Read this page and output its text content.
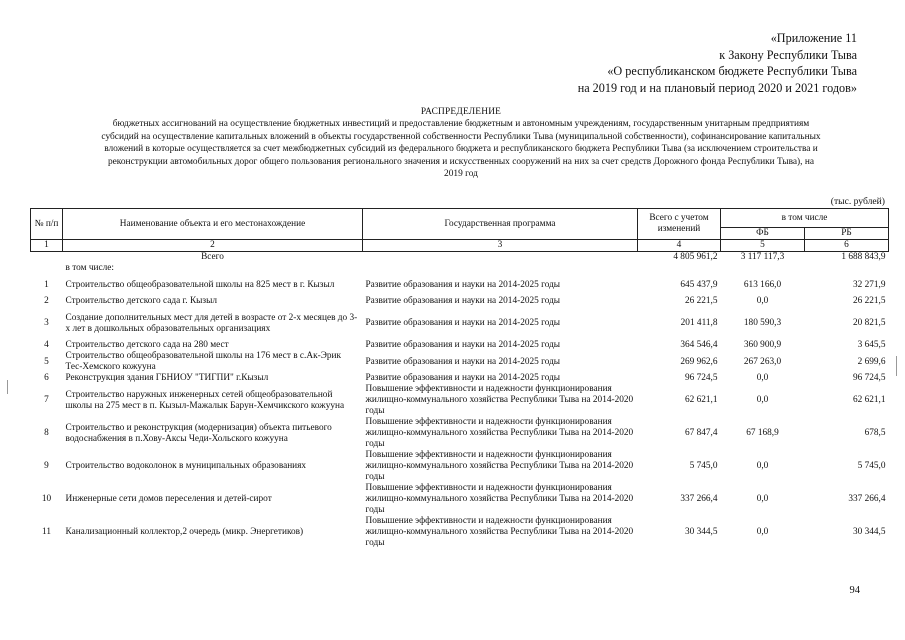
«Приложение 11
к Закону Республики Тыва
«О республиканском бюджете Республики Тыва
на 2019 год и на плановый период 2020 и 2021 годов»
РАСПРЕДЕЛЕНИЕ
бюджетных ассигнований на осуществление бюджетных инвестиций и предоставление бюджетным и автономным учреждениям, государственным унитарным предприятиям
субсидий на осуществление капитальных вложений в объекты государственной собственности Республики Тыва (муниципальной собственности), софинансирование капитальных
вложений в которые осуществляется за счет межбюджетных субсидий из федерального бюджета и республиканского бюджета Республики Тыва (за исключением строительства и
реконструкции автомобильных дорог общего пользования регионального значения и искусственных сооружений на них за счет средств Дорожного фонда Республики Тыва), на
2019 год
(тыс. рублей)
№ п/п	Наименование объекта и его местонахождение	Государственная программа	Всего с учетом изменений	в том числе	
				ФБ	РБ
1	2	3	4	5	6
	Всего		4 805 961,2	3 117 117,3	1 688 843,9
	в том числе:				
1	Строительство общеобразовательной школы на 825 мест в г. Кызыл	Развитие образования и науки на 2014-2025 годы	645 437,9	613 166,0	32 271,9
2	Строительство детского сада г. Кызыл	Развитие образования и науки на 2014-2025 годы	26 221,5	0,0	26 221,5
3	Создание дополнительных мест для детей в возрасте от 2-х месяцев до 3-х лет в дошкольных образовательных организациях	Развитие образования и науки на 2014-2025 годы	201 411,8	180 590,3	20 821,5
4	Строительство детского сада на 280 мест	Развитие образования и науки на 2014-2025 годы	364 546,4	360 900,9	3 645,5
5	Строительство общеобразовательной школы на 176 мест в с.Ак-Эрик Тес-Хемского кожууна	Развитие образования и науки на 2014-2025 годы	269 962,6	267 263,0	2 699,6
6	Реконструкция здания ГБНИОУ "ТИГПИ" г.Кызыл	Развитие образования и науки на 2014-2025 годы	96 724,5	0,0	96 724,5
7	Строительство наружных инженерных сетей общеобразовательной школы на 275 мест в п. Кызыл-Мажалык Барун-Хемчикского кожууна	Повышение эффективности и надежности функционирования жилищно-коммунального хозяйства Республики Тыва на 2014-2020 годы	62 621,1	0,0	62 621,1
8	Строительство и реконструкция (модернизация) объекта питьевого водоснабжения в п.Хову-Аксы Чеди-Хольского кожууна	Повышение эффективности и надежности функционирования жилищно-коммунального хозяйства Республики Тыва на 2014-2020 годы	67 847,4	67 168,9	678,5
9	Строительство водоколонок в муниципальных образованиях	Повышение эффективности и надежности функционирования жилищно-коммунального хозяйства Республики Тыва на 2014-2020 годы	5 745,0	0,0	5 745,0
10	Инженерные сети домов переселения и детей-сирот	Повышение эффективности и надежности функционирования жилищно-коммунального хозяйства Республики Тыва на 2014-2020 годы	337 266,4	0,0	337 266,4
11	Канализационный коллектор,2 очередь (микр. Энергетиков)	Повышение эффективности и надежности функционирования жилищно-коммунального хозяйства Республики Тыва на 2014-2020 годы	30 344,5	0,0	30 344,5
94
